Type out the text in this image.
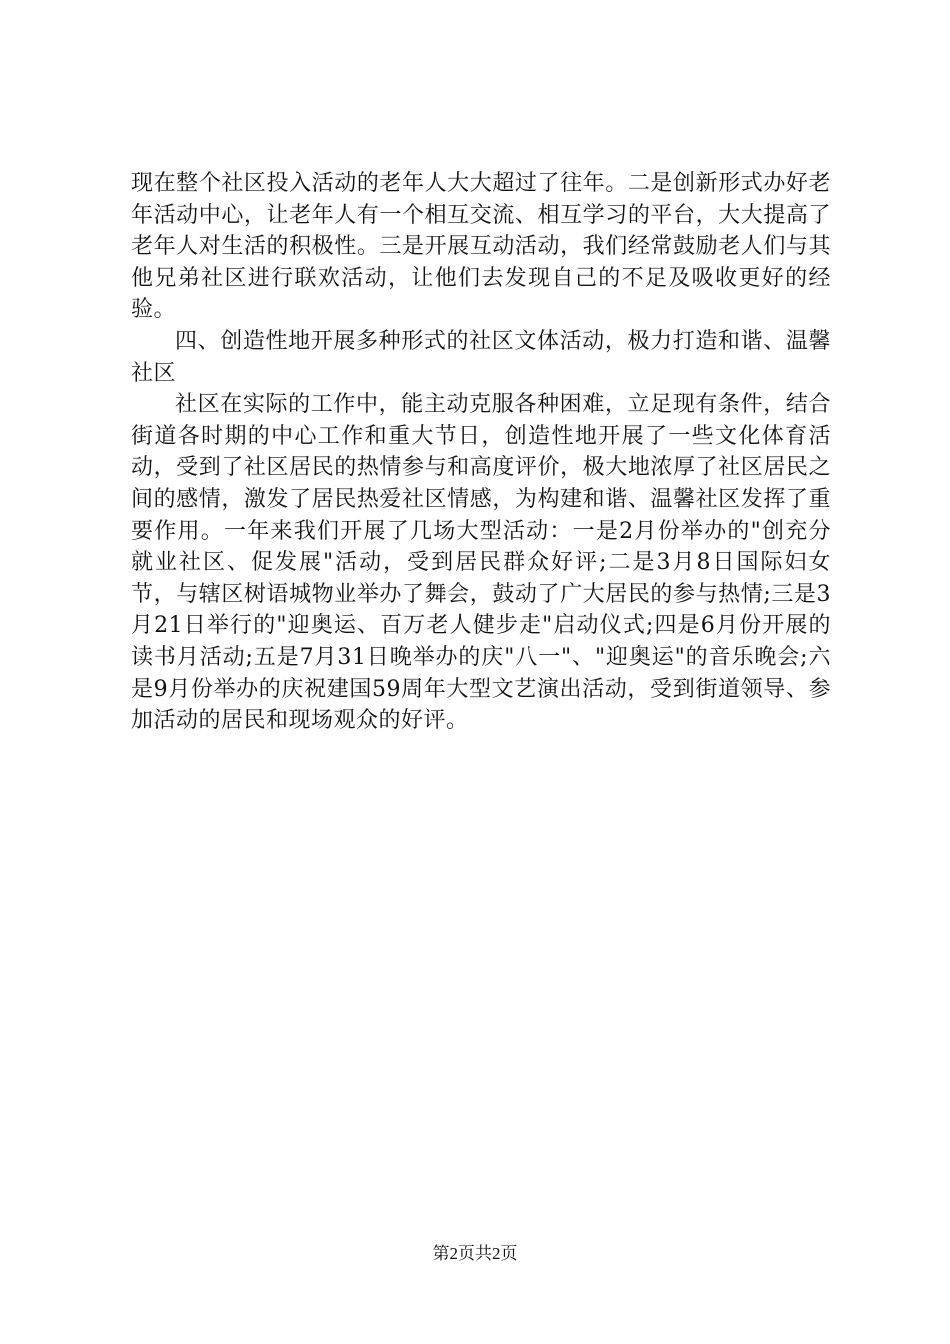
现在整个社区投入活动的老年人大大超过了往年。二是创新形式办好老年活动中心，让老年人有一个相互交流、相互学习的平台，大大提高了老年人对生活的积极性。三是开展互动活动，我们经常鼓励老人们与其他兄弟社区进行联欢活动，让他们去发现自己的不足及吸收更好的经验。

四、创造性地开展多种形式的社区文体活动，极力打造和谐、温馨社区

社区在实际的工作中，能主动克服各种困难，立足现有条件，结合街道各时期的中心工作和重大节日，创造性地开展了一些文化体育活动，受到了社区居民的热情参与和高度评价，极大地浓厚了社区居民之间的感情，激发了居民热爱社区情感，为构建和谐、温馨社区发挥了重要作用。一年来我们开展了几场大型活动：一是2月份举办的"创充分就业社区、促发展"活动，受到居民群众好评;二是3月8日国际妇女节，与辖区树语城物业举办了舞会，鼓动了广大居民的参与热情;三是3月21日举行的"迎奥运、百万老人健步走"启动仪式;四是6月份开展的读书月活动;五是7月31日晚举办的庆"八一"、"迎奥运"的音乐晚会;六是9月份举办的庆祝建国59周年大型文艺演出活动，受到街道领导、参加活动的居民和现场观众的好评。

第2页共2页
